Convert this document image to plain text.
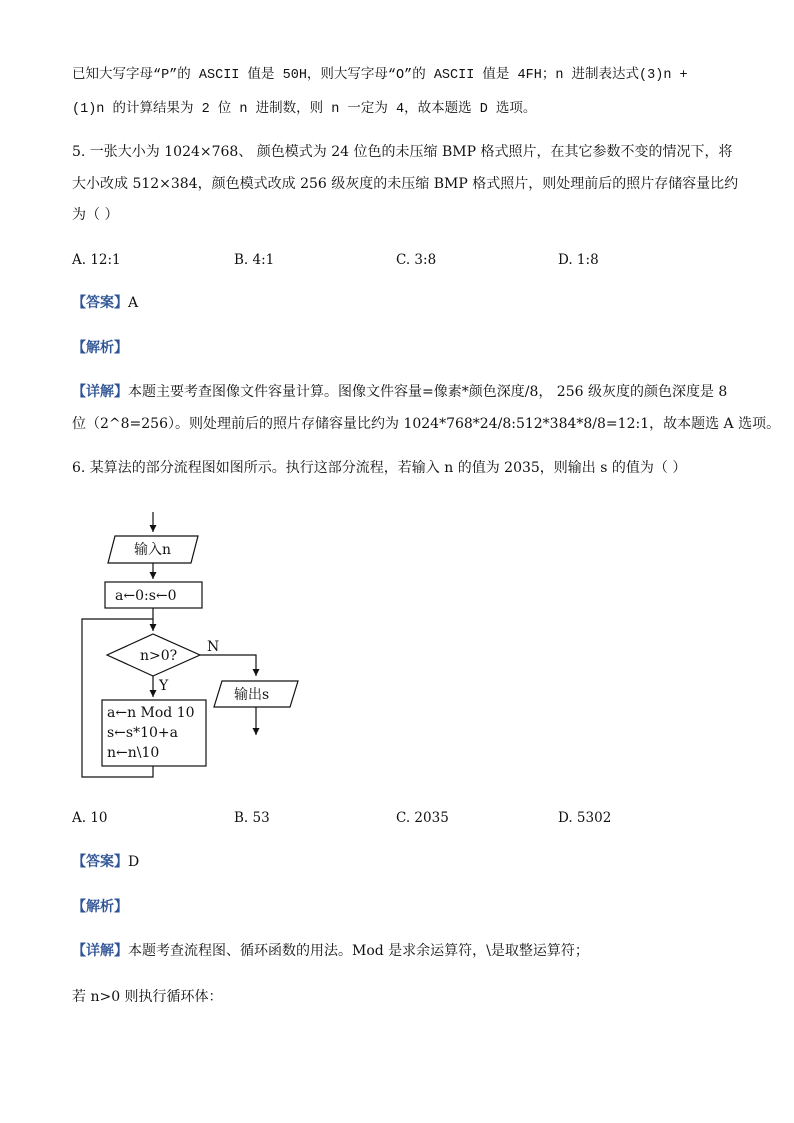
已知大写字母“P”的 ASCII 值是 50H，则大写字母“O”的 ASCII 值是 4FH；n 进制表达式(3)n +
(1)n 的计算结果为 2 位 n 进制数，则 n 一定为 4，故本题选 D 选项。
5. 一张大小为 1024×768、 颜色模式为 24 位色的未压缩 BMP 格式照片，在其它参数不变的情况下，将
大小改成 512×384，颜色模式改成 256 级灰度的未压缩 BMP 格式照片，则处理前后的照片存储容量比约
为（ ）
A. 12:1	B. 4:1	C. 3:8	D. 1:8
【答案】A
【解析】
【详解】本题主要考查图像文件容量计算。图像文件容量=像素*颜色深度/8， 256 级灰度的颜色深度是 8
位（2^8=256）。则处理前后的照片存储容量比约为 1024*768*24/8:512*384*8/8=12:1，故本题选 A 选项。
6. 某算法的部分流程图如图所示。执行这部分流程，若输入 n 的值为 2035，则输出 s 的值为（ ）
输入n
a←0:s←0
n>0?
N
Y
输出s
a←n Mod 10
s←s*10+a
n←n\10
A. 10	B. 53	C. 2035	D. 5302
【答案】D
【解析】
【详解】本题考查流程图、循环函数的用法。Mod 是求余运算符，\是取整运算符；
若 n>0 则执行循环体：
